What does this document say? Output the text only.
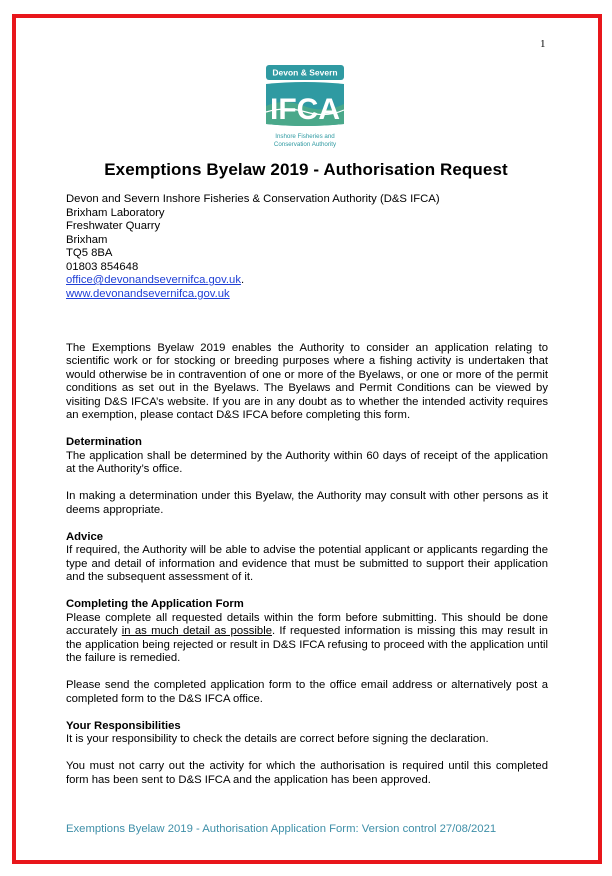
1
Devon & Severn
IFCA
Inshore Fisheries and
Conservation Authority
Exemptions Byelaw 2019 - Authorisation Request
Devon and Severn Inshore Fisheries & Conservation Authority (D&S IFCA)
Brixham Laboratory
Freshwater Quarry
Brixham
TQ5 8BA
01803 854648
office@devonandsevernifca.gov.uk.
www.devonandsevernifca.gov.uk

The Exemptions Byelaw 2019 enables the Authority to consider an application relating to scientific work or for stocking or breeding purposes where a fishing activity is undertaken that would otherwise be in contravention of one or more of the Byelaws, or one or more of the permit conditions as set out in the Byelaws. The Byelaws and Permit Conditions can be viewed by visiting D&S IFCA’s website. If you are in any doubt as to whether the intended activity requires an exemption, please contact D&S IFCA before completing this form.

Determination

The application shall be determined by the Authority within 60 days of receipt of the application at the Authority’s office.

In making a determination under this Byelaw, the Authority may consult with other persons as it deems appropriate.

Advice

If required, the Authority will be able to advise the potential applicant or applicants regarding the type and detail of information and evidence that must be submitted to support their application and the subsequent assessment of it.

Completing the Application Form

Please complete all requested details within the form before submitting. This should be done accurately in as much detail as possible. If requested information is missing this may result in the application being rejected or result in D&S IFCA refusing to proceed with the application until the failure is remedied.

Please send the completed application form to the office email address or alternatively post a completed form to the D&S IFCA office.

Your Responsibilities

It is your responsibility to check the details are correct before signing the declaration.

You must not carry out the activity for which the authorisation is required until this completed form has been sent to D&S IFCA and the application has been approved.

Exemptions Byelaw 2019 - Authorisation Application Form: Version control 27/08/2021
